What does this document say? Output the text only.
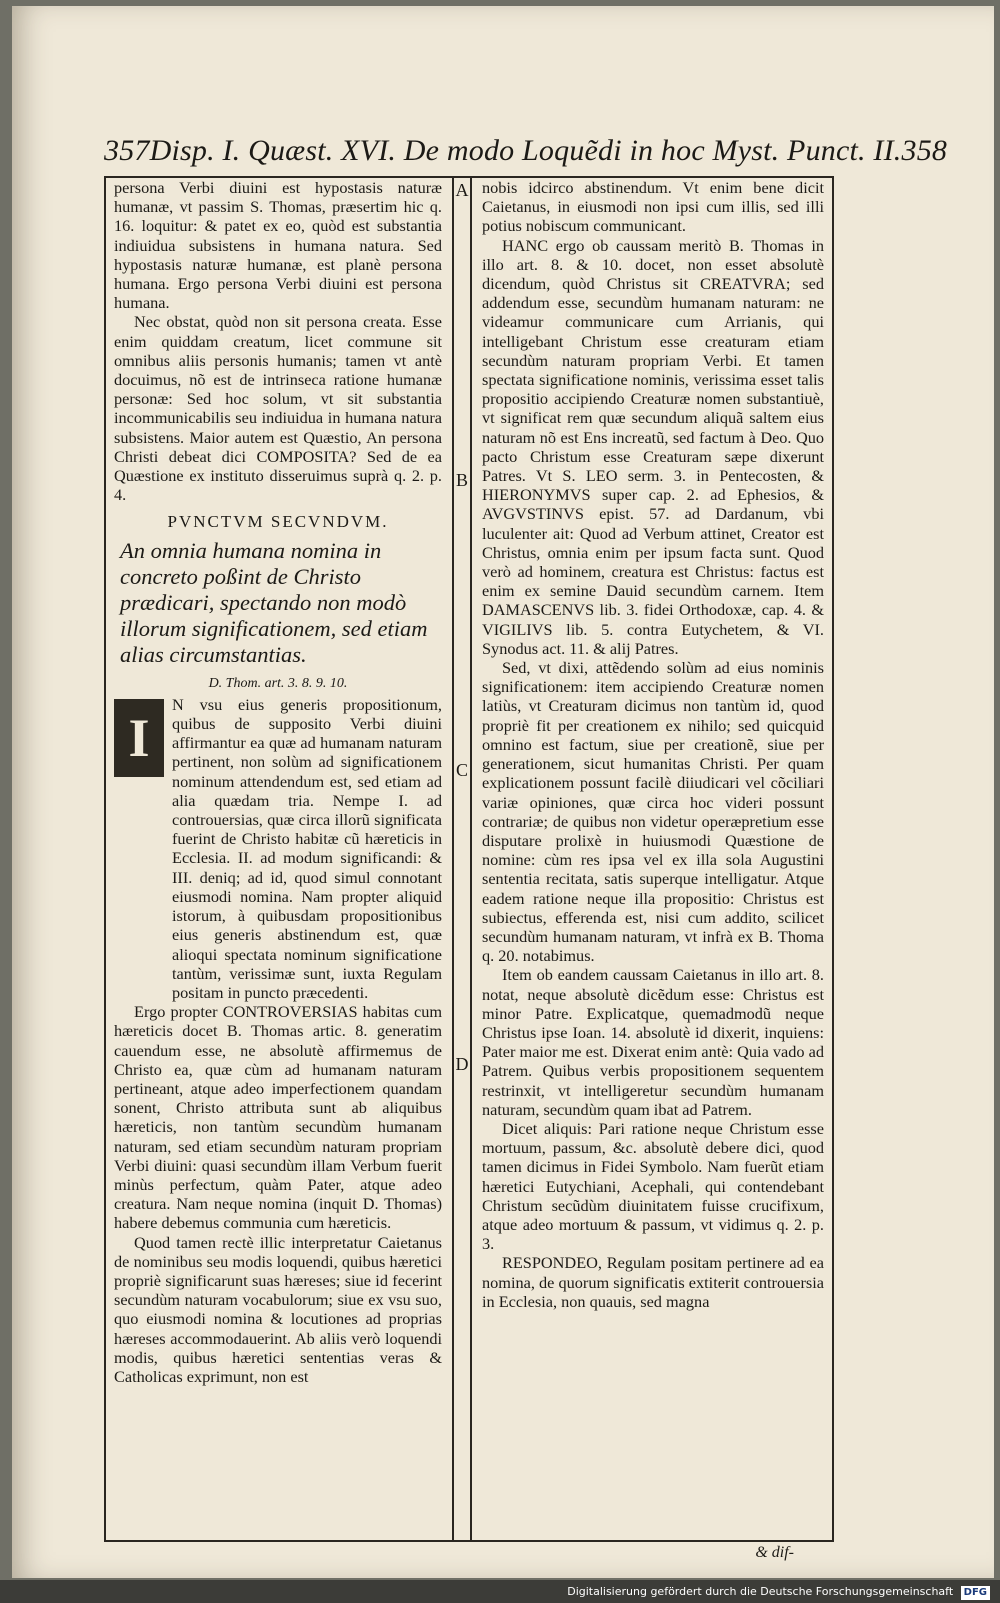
357 Disp. I. Quæst. XVI. De modo Loquẽdi in hoc Myst. Punct. II. 358

persona Verbi diuini est hypostasis naturæ humanæ, vt passim S. Thomas, præsertim hic q. 16. loquitur: & patet ex eo, quòd est substantia indiuidua subsistens in humana natura. Sed hypostasis naturæ humanæ, est planè persona humana. Ergo persona Verbi diuini est persona humana.

Nec obstat, quòd non sit persona creata. Esse enim quiddam creatum, licet commune sit omnibus aliis personis humanis; tamen vt antè docuimus, nõ est de intrinseca ratione humanæ personæ: Sed hoc solum, vt sit substantia incommunicabilis seu indiuidua in humana natura subsistens. Maior autem est Quæstio, An persona Christi debeat dici COMPOSITA? Sed de ea Quæstione ex instituto disseruimus suprà q. 2. p. 4.

PVNCTVM SECVNDVM.
An omnia humana nomina in concreto poßint de Christo prædicari, spectando non modò illorum significationem, sed etiam alias circumstantias.
D. Thom. art. 3. 8. 9. 10.
I

N vsu eius generis propositionum, quibus de supposito Verbi diuini affirmantur ea quæ ad humanam naturam pertinent, non solùm ad significationem nominum attendendum est, sed etiam ad alia quædam tria. Nempe I. ad controuersias, quæ circa illorũ significata fuerint de Christo habitæ cũ hæreticis in Ecclesia. II. ad modum significandi: & III. deniq; ad id, quod simul connotant eiusmodi nomina. Nam propter aliquid istorum, à quibusdam propositionibus eius generis abstinendum est, quæ alioqui spectata nominum significatione tantùm, verissimæ sunt, iuxta Regulam positam in puncto præcedenti.

Ergo propter CONTROVERSIAS habitas cum hæreticis docet B. Thomas artic. 8. generatim cauendum esse, ne absolutè affirmemus de Christo ea, quæ cùm ad humanam naturam pertineant, atque adeo imperfectionem quandam sonent, Christo attributa sunt ab aliquibus hæreticis, non tantùm secundùm humanam naturam, sed etiam secundùm naturam propriam Verbi diuini: quasi secundùm illam Verbum fuerit minùs perfectum, quàm Pater, atque adeo creatura. Nam neque nomina (inquit D. Thomas) habere debemus communia cum hæreticis.

Quod tamen rectè illic interpretatur Caietanus de nominibus seu modis loquendi, quibus hæretici propriè significarunt suas hæreses; siue id fecerint secundùm naturam vocabulorum; siue ex vsu suo, quo eiusmodi nomina & locutiones ad proprias hæreses accommodauerint. Ab aliis verò loquendi modis, quibus hæretici sententias veras & Catholicas exprimunt, non est

A
B
C
D

nobis idcirco abstinendum. Vt enim bene dicit Caietanus, in eiusmodi non ipsi cum illis, sed illi potius nobiscum communicant.

HANC ergo ob caussam meritò B. Thomas in illo art. 8. & 10. docet, non esset absolutè dicendum, quòd Christus sit CREATVRA; sed addendum esse, secundùm humanam naturam: ne videamur communicare cum Arrianis, qui intelligebant Christum esse creaturam etiam secundùm naturam propriam Verbi. Et tamen spectata significatione nominis, verissima esset talis propositio accipiendo Creaturæ nomen substantiuè, vt significat rem quæ secundum aliquã saltem eius naturam nõ est Ens increatũ, sed factum à Deo. Quo pacto Christum esse Creaturam sæpe dixerunt Patres. Vt S. LEO serm. 3. in Pentecosten, & HIERONYMVS super cap. 2. ad Ephesios, & AVGVSTINVS epist. 57. ad Dardanum, vbi luculenter ait: Quod ad Verbum attinet, Creator est Christus, omnia enim per ipsum facta sunt. Quod verò ad hominem, creatura est Christus: factus est enim ex semine Dauid secundùm carnem. Item DAMASCENVS lib. 3. fidei Orthodoxæ, cap. 4. & VIGILIVS lib. 5. contra Eutychetem, & VI. Synodus act. 11. & alij Patres.

Sed, vt dixi, attẽdendo solùm ad eius nominis significationem: item accipiendo Creaturæ nomen latiùs, vt Creaturam dicimus non tantùm id, quod propriè fit per creationem ex nihilo; sed quicquid omnino est factum, siue per creationẽ, siue per generationem, sicut humanitas Christi. Per quam explicationem possunt facilè diiudicari vel cõciliari variæ opiniones, quæ circa hoc videri possunt contrariæ; de quibus non videtur operæpretium esse disputare prolixè in huiusmodi Quæstione de nomine: cùm res ipsa vel ex illa sola Augustini sententia recitata, satis superque intelligatur. Atque eadem ratione neque illa propositio: Christus est subiectus, efferenda est, nisi cum addito, scilicet secundùm humanam naturam, vt infrà ex B. Thoma q. 20. notabimus.

Item ob eandem caussam Caietanus in illo art. 8. notat, neque absolutè dicẽdum esse: Christus est minor Patre. Explicatque, quemadmodũ neque Christus ipse Ioan. 14. absolutè id dixerit, inquiens: Pater maior me est. Dixerat enim antè: Quia vado ad Patrem. Quibus verbis propositionem sequentem restrinxit, vt intelligeretur secundùm humanam naturam, secundùm quam ibat ad Patrem.

Dicet aliquis: Pari ratione neque Christum esse mortuum, passum, &c. absolutè debere dici, quod tamen dicimus in Fidei Symbolo. Nam fuerũt etiam hæretici Eutychiani, Acephali, qui contendebant Christum secũdùm diuinitatem fuisse crucifixum, atque adeo mortuum & passum, vt vidimus q. 2. p. 3.

RESPONDEO, Regulam positam pertinere ad ea nomina, de quorum significatis extiterit controuersia in Ecclesia, non quauis, sed magna

& dif-
Digitalisierung gefördert durch die Deutsche Forschungsgemeinschaft DFG
